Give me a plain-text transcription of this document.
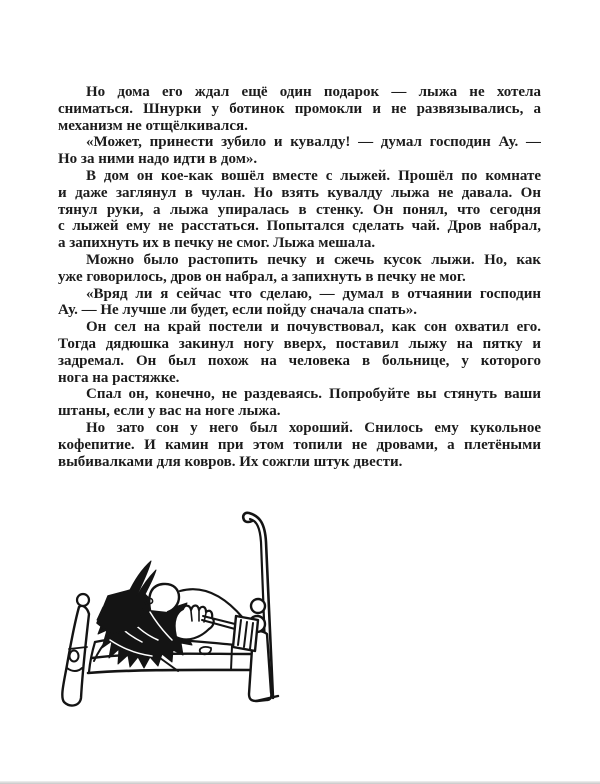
Но дома его ждал ещё один подарок — лыжа не хотела
сниматься. Шнурки у ботинок промокли и не развязывались, а
механизм не отщёлкивался.
«Может, принести зубило и кувалду! — думал господин Ау. —
Но за ними надо идти в дом».
В дом он кое-как вошёл вместе с лыжей. Прошёл по комнате
и даже заглянул в чулан. Но взять кувалду лыжа не давала. Он
тянул руки, а лыжа упиралась в стенку. Он понял, что сегодня
с лыжей ему не расстаться. Попытался сделать чай. Дров набрал,
а запихнуть их в печку не смог. Лыжа мешала.
Можно было растопить печку и сжечь кусок лыжи. Но, как
уже говорилось, дров он набрал, а запихнуть в печку не мог.
«Вряд ли я сейчас что сделаю, — думал в отчаянии господин
Ау. — Не лучше ли будет, если пойду сначала спать».
Он сел на край постели и почувствовал, как сон охватил его.
Тогда дядюшка закинул ногу вверх, поставил лыжу на пятку и
задремал. Он был похож на человека в больнице, у которого
нога на растяжке.
Спал он, конечно, не раздеваясь. Попробуйте вы стянуть ваши
штаны, если у вас на ноге лыжа.
Но зато сон у него был хороший. Снилось ему кукольное
кофепитие. И камин при этом топили не дровами, а плетёными
выбивалками для ковров. Их сожгли штук двести.
